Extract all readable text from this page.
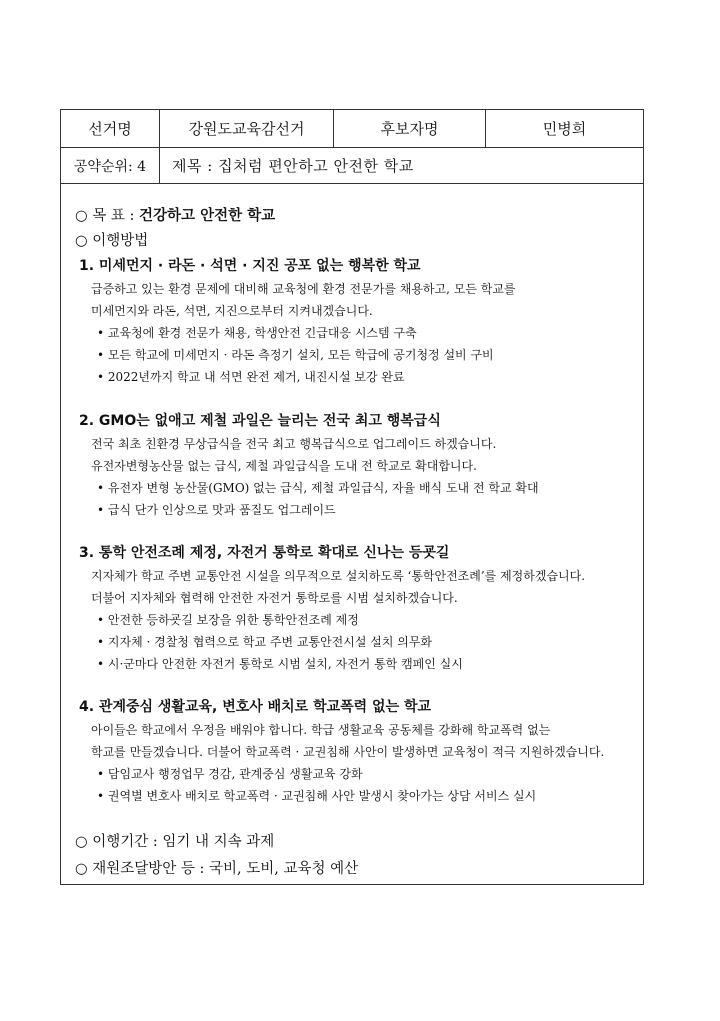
선거명	강원도교육감선거	후보자명	민병희
공약순위: 4	제목 : 집처럼 편안하고 안전한 학교
○ 목 표 : 건강하고 안전한 학교
○ 이행방법
1. 미세먼지 · 라돈 · 석면 · 지진 공포 없는 행복한 학교
급증하고 있는 환경 문제에 대비해 교육청에 환경 전문가를 채용하고, 모든 학교를
미세먼지와 라돈, 석면, 지진으로부터 지켜내겠습니다.
• 교육청에 환경 전문가 채용, 학생안전 긴급대응 시스템 구축
• 모든 학교에 미세먼지 · 라돈 측정기 설치, 모든 학급에 공기청정 설비 구비
• 2022년까지 학교 내 석면 완전 제거, 내진시설 보강 완료
2. GMO는 없애고 제철 과일은 늘리는 전국 최고 행복급식
전국 최초 친환경 무상급식을 전국 최고 행복급식으로 업그레이드 하겠습니다.
유전자변형농산물 없는 급식, 제철 과일급식을 도내 전 학교로 확대합니다.
• 유전자 변형 농산물(GMO) 없는 급식, 제철 과일급식, 자율 배식 도내 전 학교 확대
• 급식 단가 인상으로 맛과 품질도 업그레이드
3. 통학 안전조례 제정, 자전거 통학로 확대로 신나는 등굣길
지자체가 학교 주변 교통안전 시설을 의무적으로 설치하도록 ‘통학안전조례’를 제정하겠습니다.
더불어 지자체와 협력해 안전한 자전거 통학로를 시범 설치하겠습니다.
• 안전한 등하굣길 보장을 위한 통학안전조례 제정
• 지자체 · 경찰청 협력으로 학교 주변 교통안전시설 설치 의무화
• 시·군마다 안전한 자전거 통학로 시범 설치, 자전거 통학 캠페인 실시
4. 관계중심 생활교육, 변호사 배치로 학교폭력 없는 학교
아이들은 학교에서 우정을 배워야 합니다. 학급 생활교육 공동체를 강화해 학교폭력 없는
학교를 만들겠습니다. 더불어 학교폭력 · 교권침해 사안이 발생하면 교육청이 적극 지원하겠습니다.
• 담임교사 행정업무 경감, 관계중심 생활교육 강화
• 권역별 변호사 배치로 학교폭력 · 교권침해 사안 발생시 찾아가는 상담 서비스 실시
○ 이행기간 : 임기 내 지속 과제
○ 재원조달방안 등 : 국비, 도비, 교육청 예산
